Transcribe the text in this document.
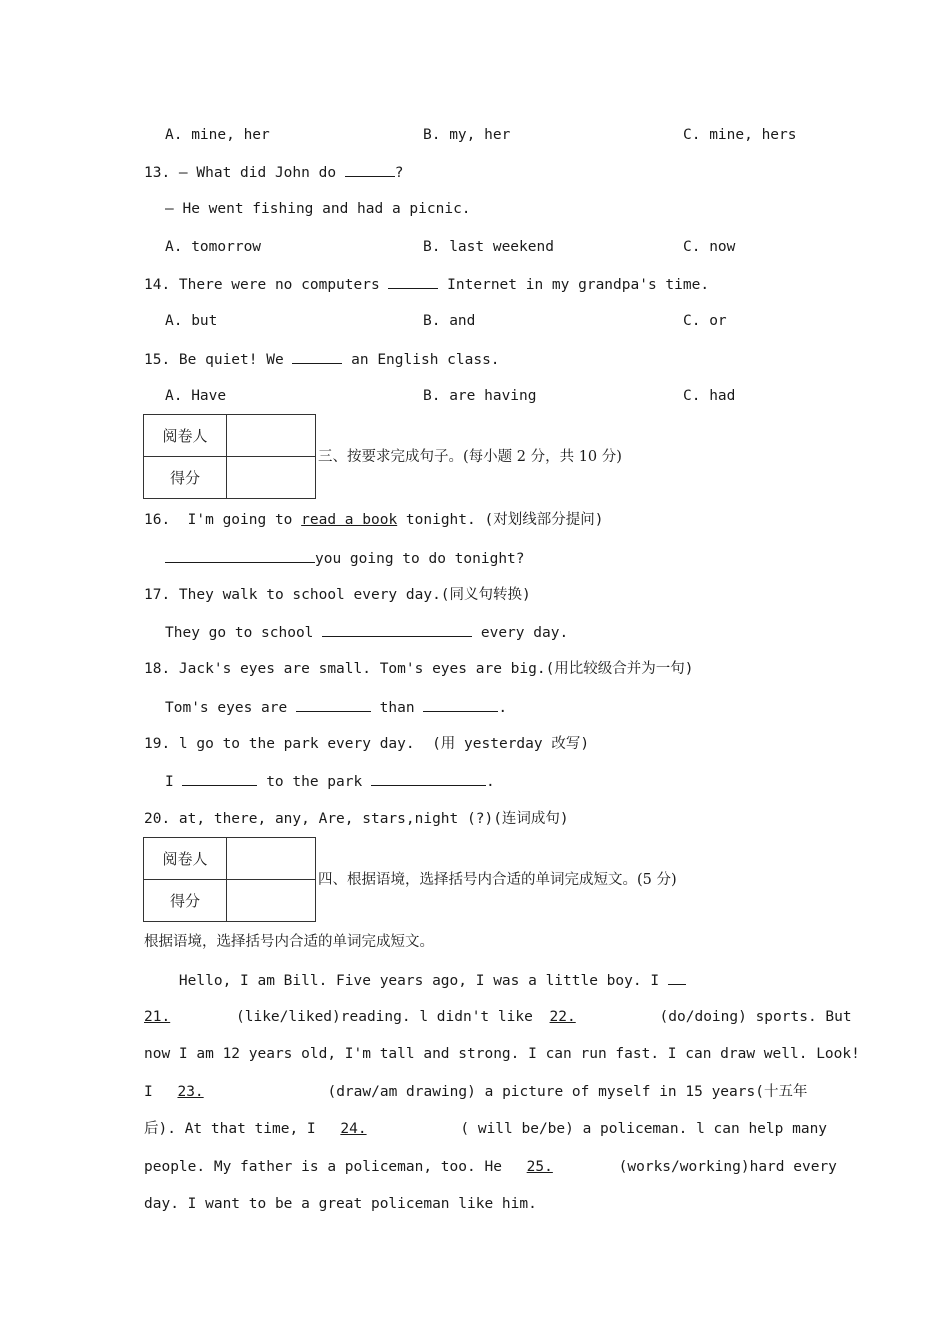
A. mine, her	B. my, her	C. mine, hers
13. — What did John do	?
— He went fishing and had a picnic.
A. tomorrow	B. last weekend	C. now
14. There were no computers	Internet in my grandpa's time.
A. but	B. and	C. or
15. Be quiet! We	an English class.
A. Have	B. are having	C. had
阅卷人	
得分	
三、按要求完成句子。(每小题 2 分，共 10 分)
16.  I'm going to read a book tonight. (对划线部分提问)
you going to do tonight?
17. They walk to school every day.(同义句转换)
They go to school	every day.
18. Jack's eyes are small. Tom's eyes are big.(用比较级合并为一句)
Tom's eyes are	than	.
19. l go to the park every day.  (用 yesterday 改写)
I	to the park	.
20. at, there, any, Are, stars,night (?)(连词成句)
阅卷人	
得分	
四、根据语境，选择括号内合适的单词完成短文。(5 分)
根据语境，选择括号内合适的单词完成短文。
Hello, I am Bill. Five years ago, I was a little boy. I
21.	(like/liked)reading. l didn't like 22.	(do/doing) sports. But
now I am 12 years old, I'm tall and strong. I can run fast. I can draw well. Look!
I 23.	(draw/am drawing) a picture of myself in 15 years(十五年
后). At that time, I 24.	( will be/be) a policeman. l can help many
people. My father is a policeman, too. He 25.	(works/working)hard every
day. I want to be a great policeman like him.
